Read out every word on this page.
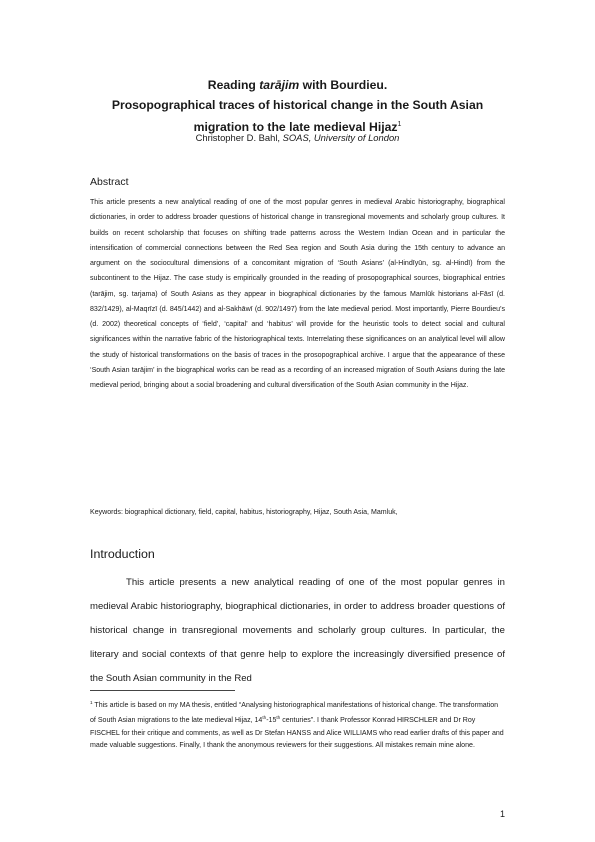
Reading tarājim with Bourdieu.
Prosopographical traces of historical change in the South Asian
migration to the late medieval Hijaz$^1$
Christopher D. Bahl, SOAS, University of London
Abstract

This article presents a new analytical reading of one of the most popular genres in medieval Arabic historiography, biographical dictionaries, in order to address broader questions of historical change in transregional movements and scholarly group cultures. It builds on recent scholarship that focuses on shifting trade patterns across the Western Indian Ocean and in particular the intensification of commercial connections between the Red Sea region and South Asia during the 15th century to advance an argument on the sociocultural dimensions of a concomitant migration of ‘South Asians’ (al-Hindīyūn, sg. al-Hindī) from the subcontinent to the Hijaz. The case study is empirically grounded in the reading of prosopographical sources, biographical entries (tarājim, sg. tarjama) of South Asians as they appear in biographical dictionaries by the famous Mamlūk historians al-Fāsī (d. 832/1429), al-Maqrīzī (d. 845/1442) and al-Sakhāwī (d. 902/1497) from the late medieval period. Most importantly, Pierre Bourdieu’s (d. 2002) theoretical concepts of ‘field’, ‘capital’ and ‘habitus’ will provide for the heuristic tools to detect social and cultural significances within the narrative fabric of the historiographical texts. Interrelating these significances on an analytical level will allow the study of historical transformations on the basis of traces in the prosopographical archive. I argue that the appearance of these ‘South Asian tarājim’ in the biographical works can be read as a recording of an increased migration of South Asians during the late medieval period, bringing about a social broadening and cultural diversification of the South Asian community in the Hijaz.

Keywords: biographical dictionary, field, capital, habitus, historiography, Hijaz, South Asia, Mamluk,
Introduction

This article presents a new analytical reading of one of the most popular genres in medieval Arabic historiography, biographical dictionaries, in order to address broader questions of historical change in transregional movements and scholarly group cultures. In particular, the literary and social contexts of that genre help to explore the increasingly diversified presence of the South Asian community in the Red

$^1$ This article is based on my MA thesis, entitled “Analysing historiographical manifestations of historical change. The transformation of South Asian migrations to the late medieval Hijaz, 14th-15th centuries”. I thank Professor Konrad HIRSCHLER and Dr Roy FISCHEL for their critique and comments, as well as Dr Stefan HANSS and Alice WILLIAMS who read earlier drafts of this paper and made valuable suggestions. Finally, I thank the anonymous reviewers for their suggestions. All mistakes remain mine alone.

1
